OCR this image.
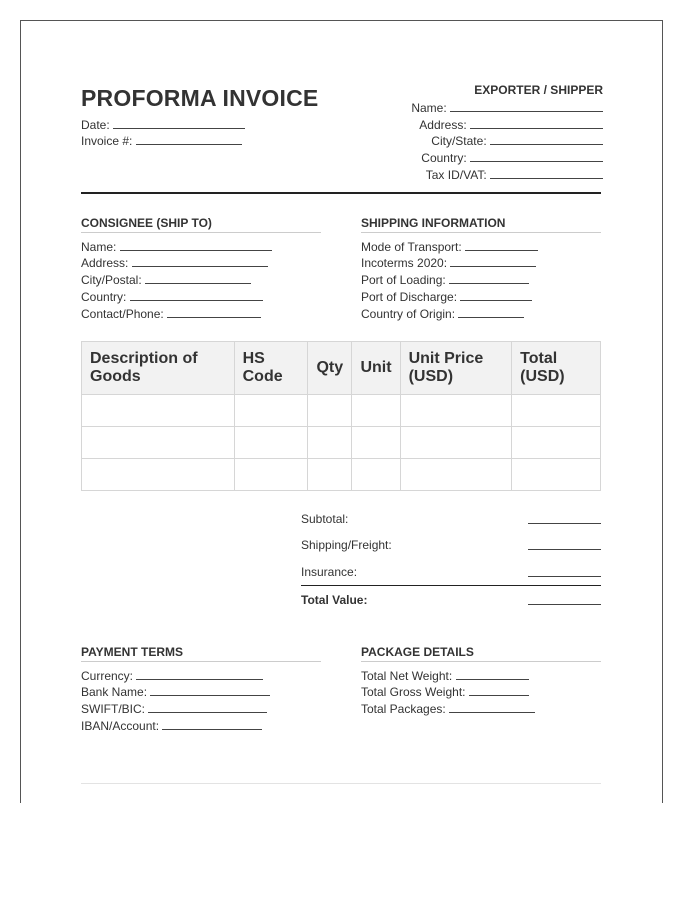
PROFORMA INVOICE
Date:
Invoice #:
EXPORTER / SHIPPER
Name:
Address:
City/State:
Country:
Tax ID/VAT:
CONSIGNEE (SHIP TO)
Name:
Address:
City/Postal:
Country:
Contact/Phone:
SHIPPING INFORMATION
Mode of Transport:
Incoterms 2020:
Port of Loading:
Port of Discharge:
Country of Origin:
Description of Goods	HS Code	Qty	Unit	Unit Price (USD)	Total (USD)

Subtotal:
Shipping/Freight:
Insurance:
Total Value:
PAYMENT TERMS
Currency:
Bank Name:
SWIFT/BIC:
IBAN/Account:
PACKAGE DETAILS
Total Net Weight:
Total Gross Weight:
Total Packages:
